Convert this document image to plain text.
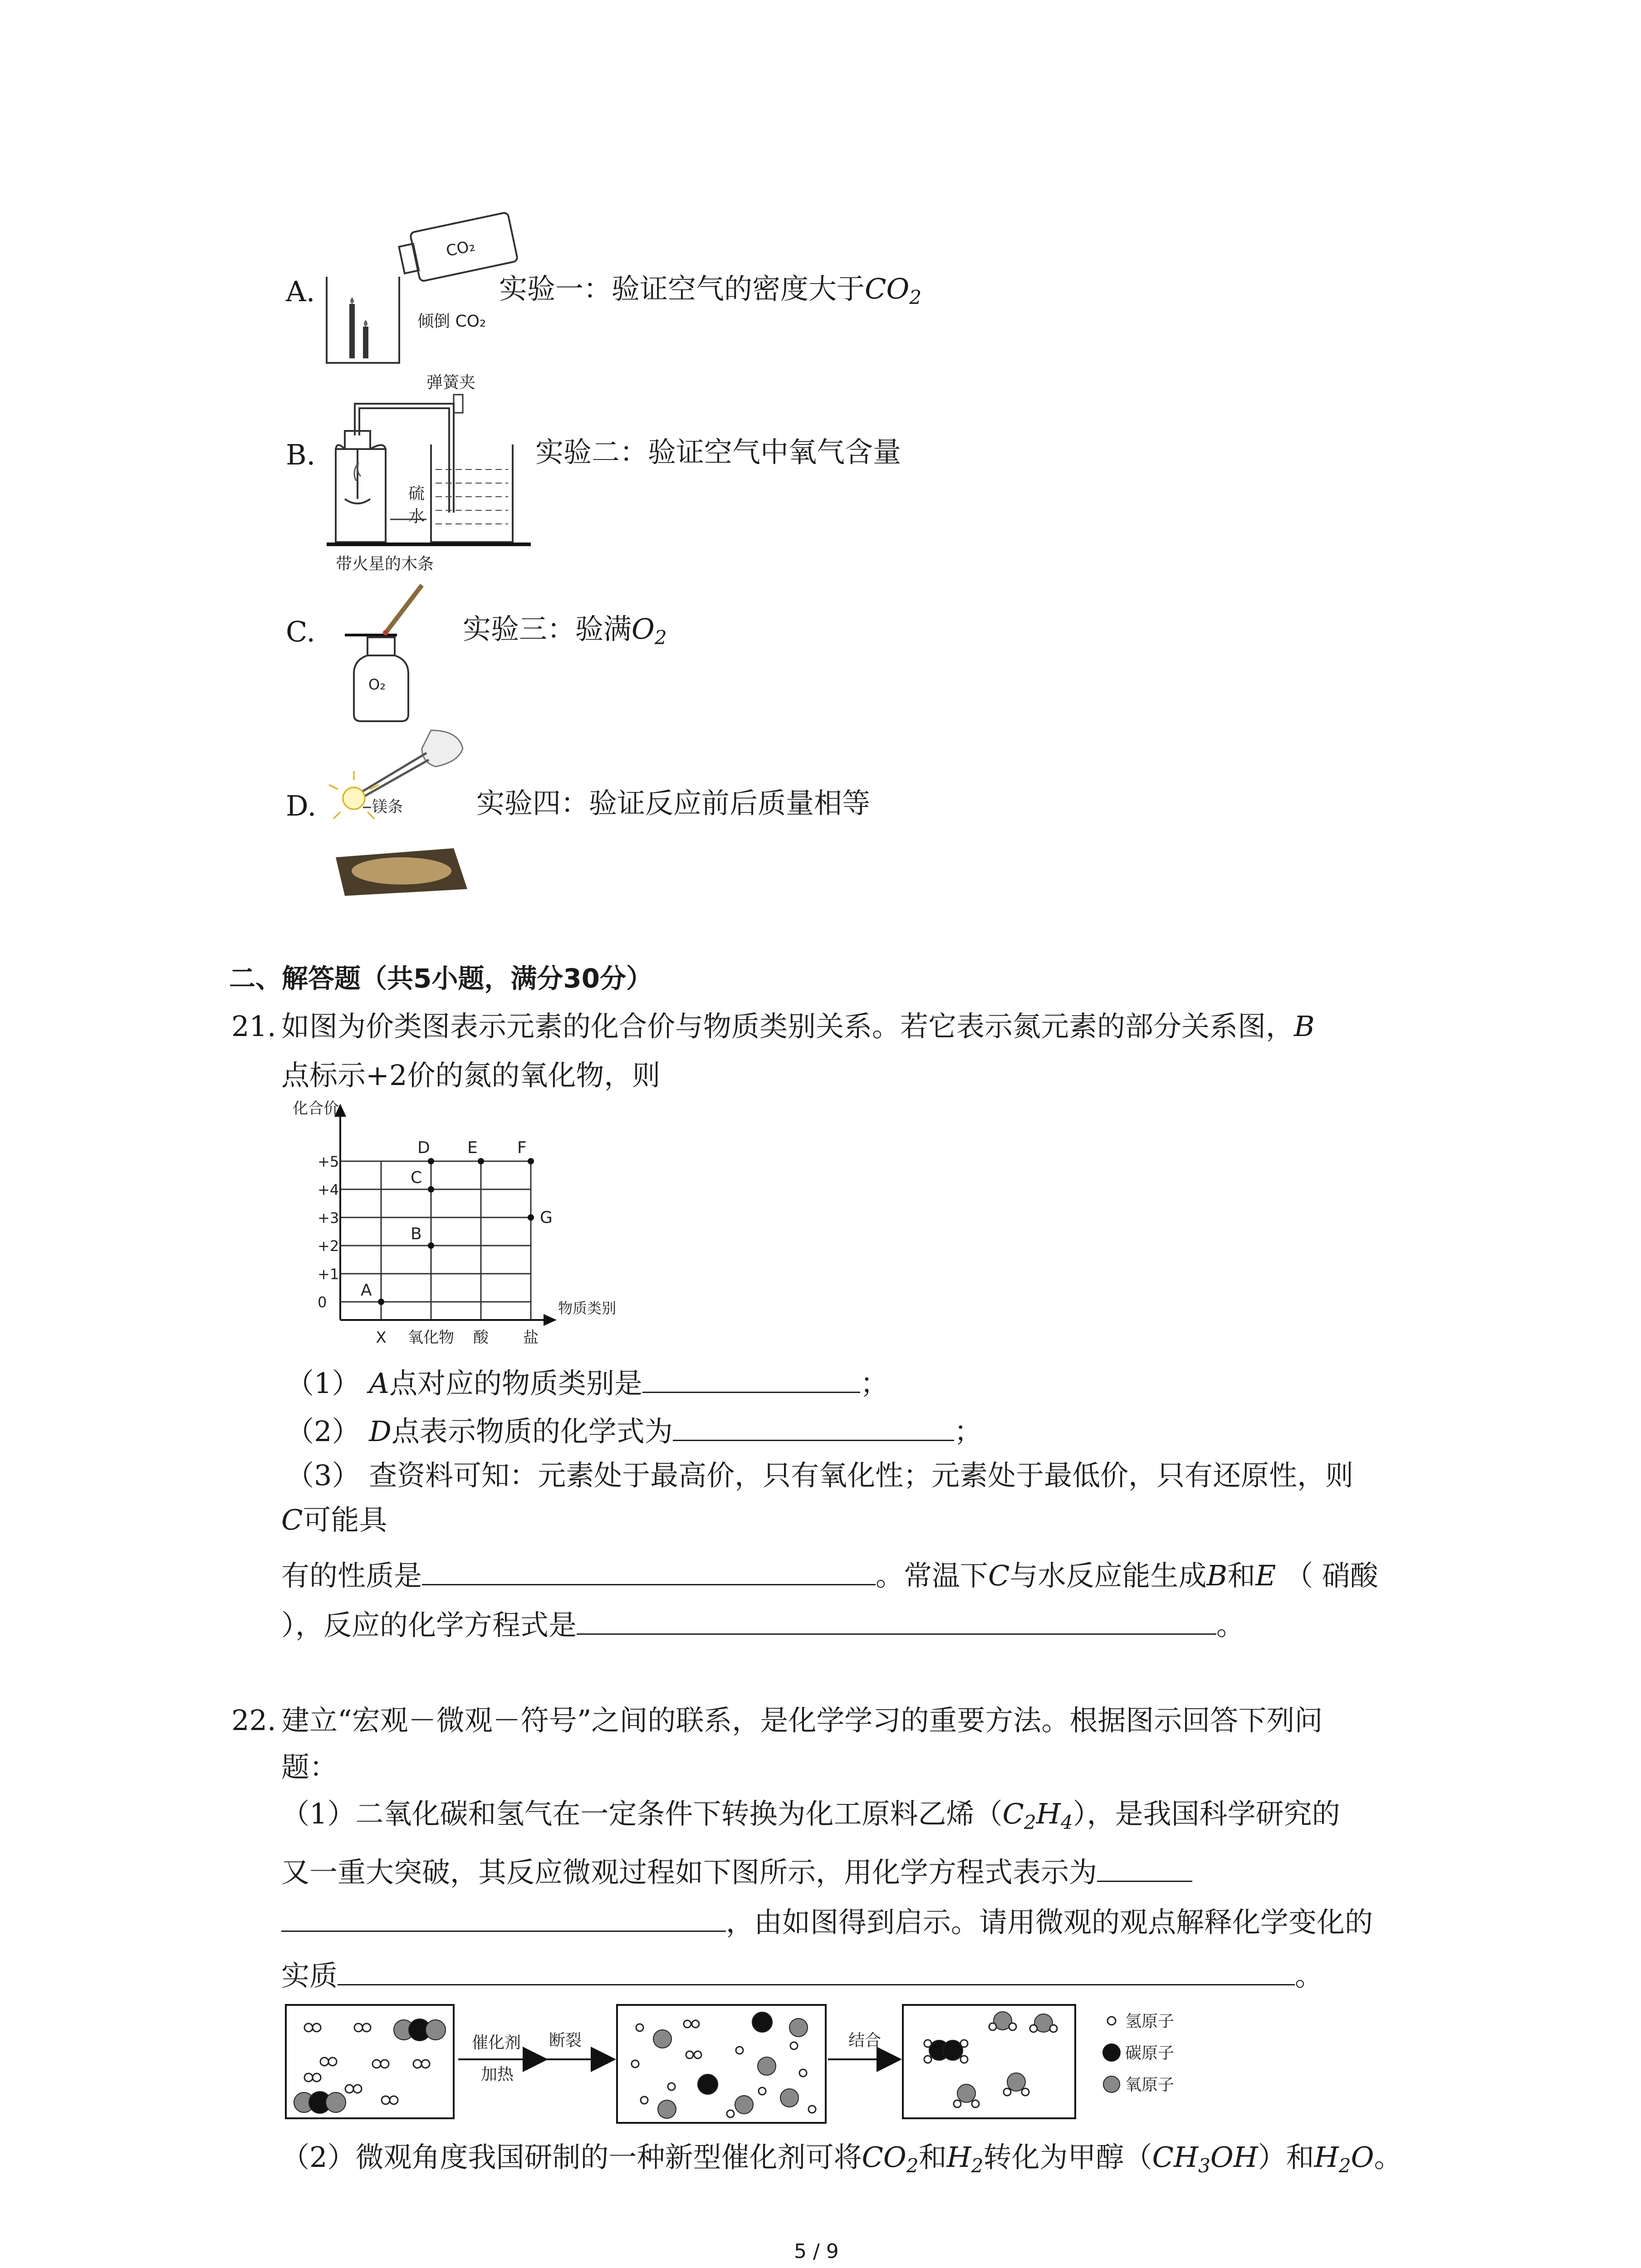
A.
CO₂
倾倒 CO₂
实验一：验证空气的密度大于$CO_2$
B.
弹簧夹
硫
水
实验二：验证空气中氧气含量
C.
带火星的木条
O₂
实验三：验满$O_2$
D.	镁条	实验四：验证反应前后质量相等
二、解答题（共5小题，满分30分）
21. 如图为价类图表示元素的化合价与物质类别关系。若它表示氮元素的部分关系图，B
点标示+2价的氮的氧化物，则
化合价
物质类别
0
+1
+2
+3
+4
+5
X 氧化物 酸 盐
A
B
C
D E F
G
（1） A点对应的物质类别是	；
（2） D点表示物质的化学式为	；
（3） 查资料可知：元素处于最高价，只有氧化性；元素处于最低价，只有还原性，则
C可能具
有的性质是	。常温下C与水反应能生成B和E （ 硝酸
），反应的化学方程式是	。
22. 建立“宏观－微观－符号”之间的联系，是化学学习的重要方法。根据图示回答下列问
题：
（1）二氧化碳和氢气在一定条件下转换为化工原料乙烯$(C_2H_4)$，是我国科学研究的
又一重大突破，其反应微观过程如下图所示，用化学方程式表示为
，由如图得到启示。请用微观的观点解释化学变化的
实质	。
催化剂
加热
断裂	结合
氢原子
碳原子
氧原子
（2）微观角度我国研制的一种新型催化剂可将$CO_2$和$H_2$转化为甲醇$(CH_3OH)$和$H_2O$。
5 / 9
